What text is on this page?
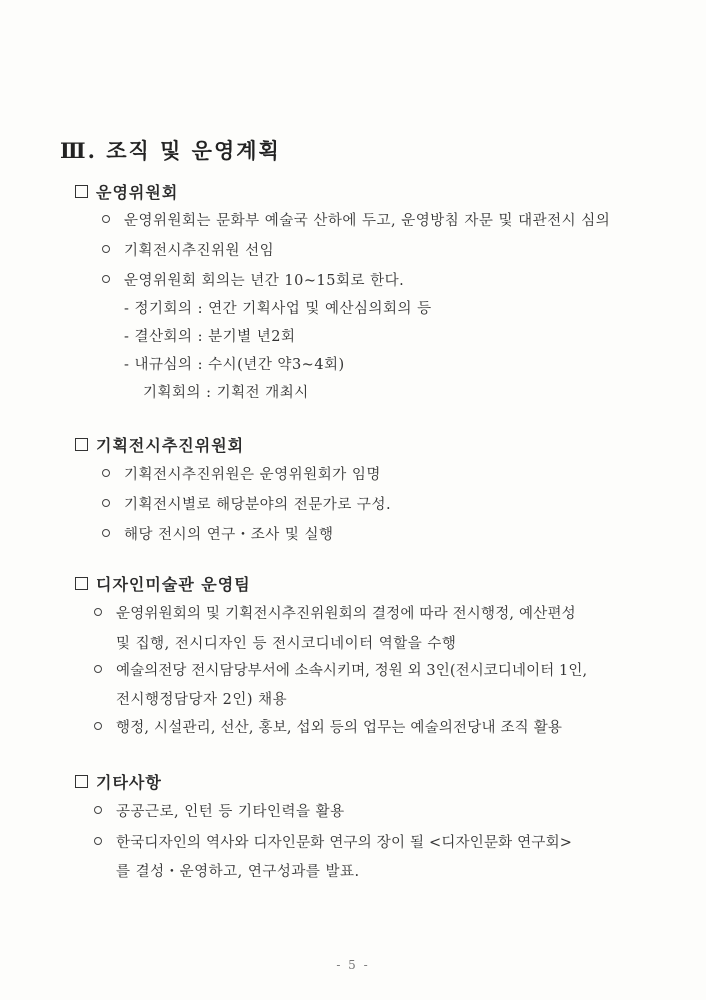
Ⅲ. 조직 및 운영계획
운영위원회
운영위원회는 문화부 예술국 산하에 두고, 운영방침 자문 및 대관전시 심의
기획전시추진위원 선임
운영위원회 회의는 년간 10~15회로 한다.
- 정기회의 : 연간 기획사업 및 예산심의회의 등
- 결산회의 : 분기별 년2회
- 내규심의 : 수시(년간 약3~4회)
기획회의 : 기획전 개최시
기획전시추진위원회
기획전시추진위원은 운영위원회가 임명
기획전시별로 해당분야의 전문가로 구성.
해당 전시의 연구・조사 및 실행
디자인미술관 운영팀
운영위원회의 및 기획전시추진위원회의 결정에 따라 전시행정, 예산편성
및 집행, 전시디자인 등 전시코디네이터 역할을 수행
예술의전당 전시담당부서에 소속시키며, 정원 외 3인(전시코디네이터 1인,
전시행정담당자 2인) 채용
행정, 시설관리, 선산, 홍보, 섭외 등의 업무는 예술의전당내 조직 활용
기타사항
공공근로, 인턴 등 기타인력을 활용
한국디자인의 역사와 디자인문화 연구의 장이 될 <디자인문화 연구회>
를 결성・운영하고, 연구성과를 발표.
- 5 -
